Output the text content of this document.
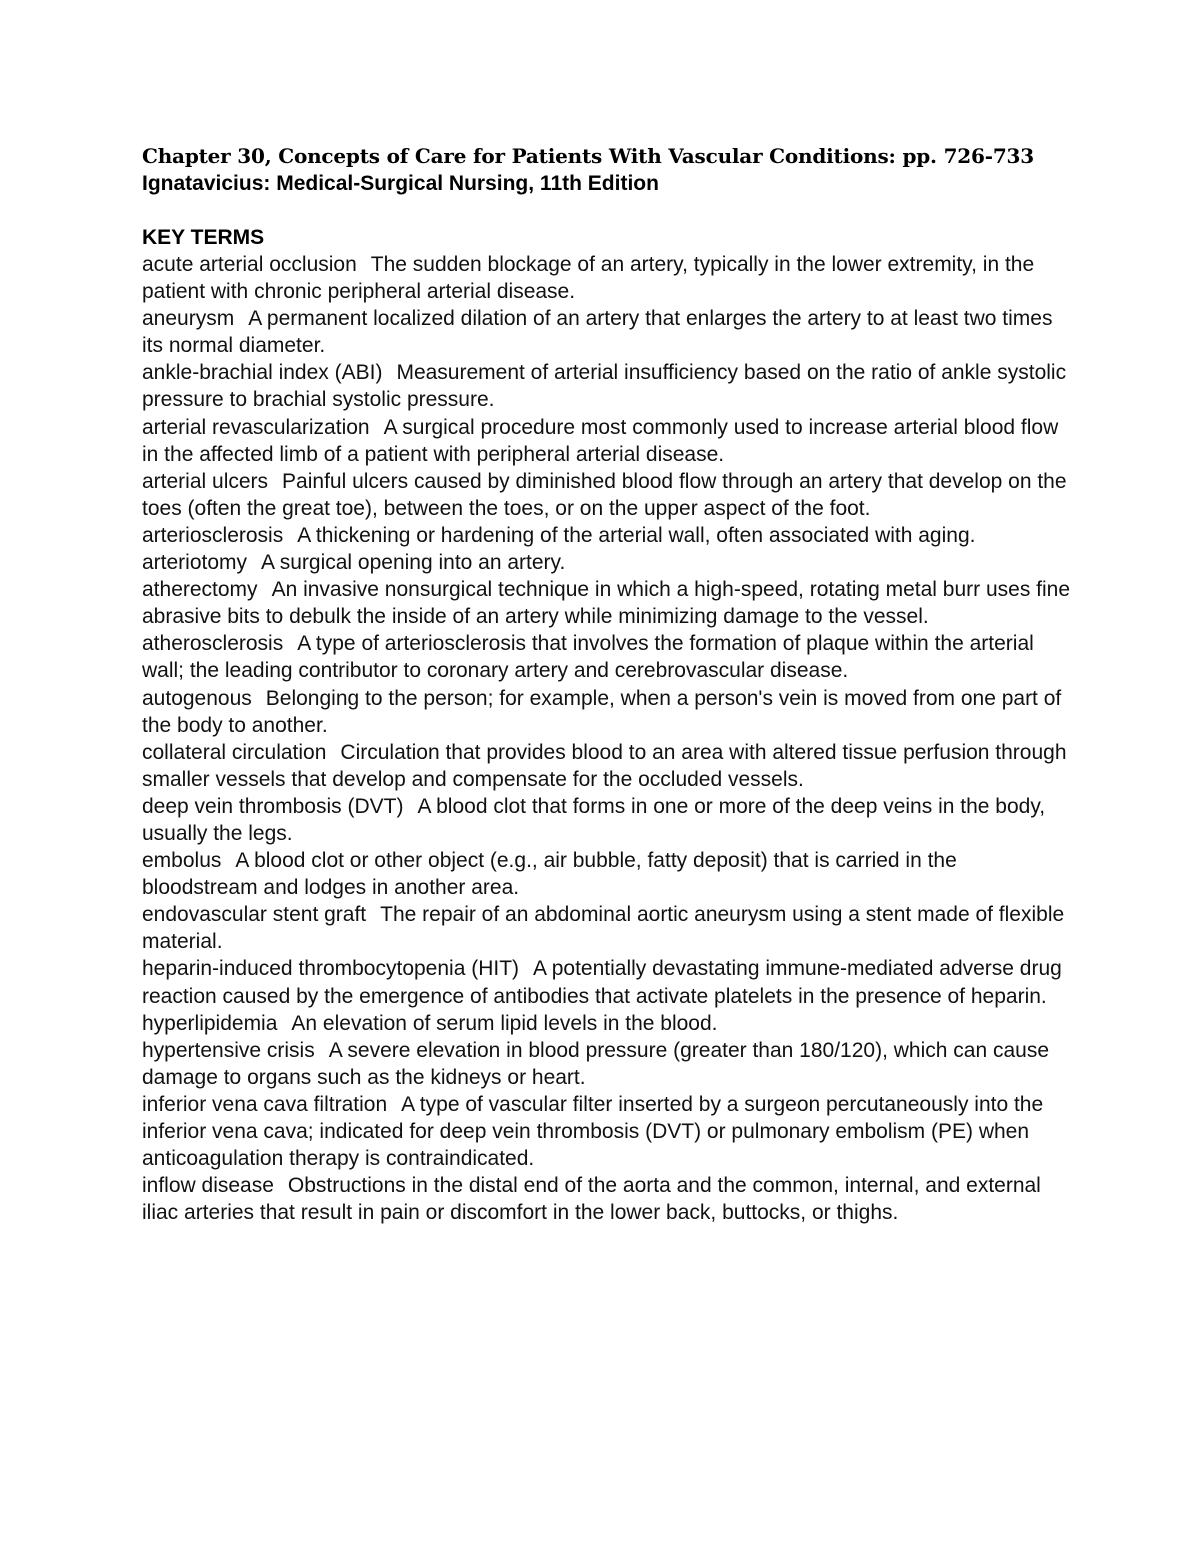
Chapter 30, Concepts of Care for Patients With Vascular Conditions: pp. 726-733
Ignatavicius: Medical-Surgical Nursing, 11th Edition
KEY TERMS
acute arterial occlusion The sudden blockage of an artery, typically in the lower extremity, in the patient with chronic peripheral arterial disease.
aneurysm A permanent localized dilation of an artery that enlarges the artery to at least two times its normal diameter.
ankle-brachial index (ABI) Measurement of arterial insufficiency based on the ratio of ankle systolic pressure to brachial systolic pressure.
arterial revascularization A surgical procedure most commonly used to increase arterial blood flow in the affected limb of a patient with peripheral arterial disease.
arterial ulcers Painful ulcers caused by diminished blood flow through an artery that develop on the toes (often the great toe), between the toes, or on the upper aspect of the foot.
arteriosclerosis A thickening or hardening of the arterial wall, often associated with aging.
arteriotomy A surgical opening into an artery.
atherectomy An invasive nonsurgical technique in which a high-speed, rotating metal burr uses fine abrasive bits to debulk the inside of an artery while minimizing damage to the vessel.
atherosclerosis A type of arteriosclerosis that involves the formation of plaque within the arterial wall; the leading contributor to coronary artery and cerebrovascular disease.
autogenous Belonging to the person; for example, when a person's vein is moved from one part of the body to another.
collateral circulation Circulation that provides blood to an area with altered tissue perfusion through smaller vessels that develop and compensate for the occluded vessels.
deep vein thrombosis (DVT) A blood clot that forms in one or more of the deep veins in the body, usually the legs.
embolus A blood clot or other object (e.g., air bubble, fatty deposit) that is carried in the bloodstream and lodges in another area.
endovascular stent graft The repair of an abdominal aortic aneurysm using a stent made of flexible material.
heparin-induced thrombocytopenia (HIT) A potentially devastating immune-mediated adverse drug reaction caused by the emergence of antibodies that activate platelets in the presence of heparin.
hyperlipidemia An elevation of serum lipid levels in the blood.
hypertensive crisis A severe elevation in blood pressure (greater than 180/120), which can cause damage to organs such as the kidneys or heart.
inferior vena cava filtration A type of vascular filter inserted by a surgeon percutaneously into the inferior vena cava; indicated for deep vein thrombosis (DVT) or pulmonary embolism (PE) when anticoagulation therapy is contraindicated.
inflow disease Obstructions in the distal end of the aorta and the common, internal, and external iliac arteries that result in pain or discomfort in the lower back, buttocks, or thighs.
